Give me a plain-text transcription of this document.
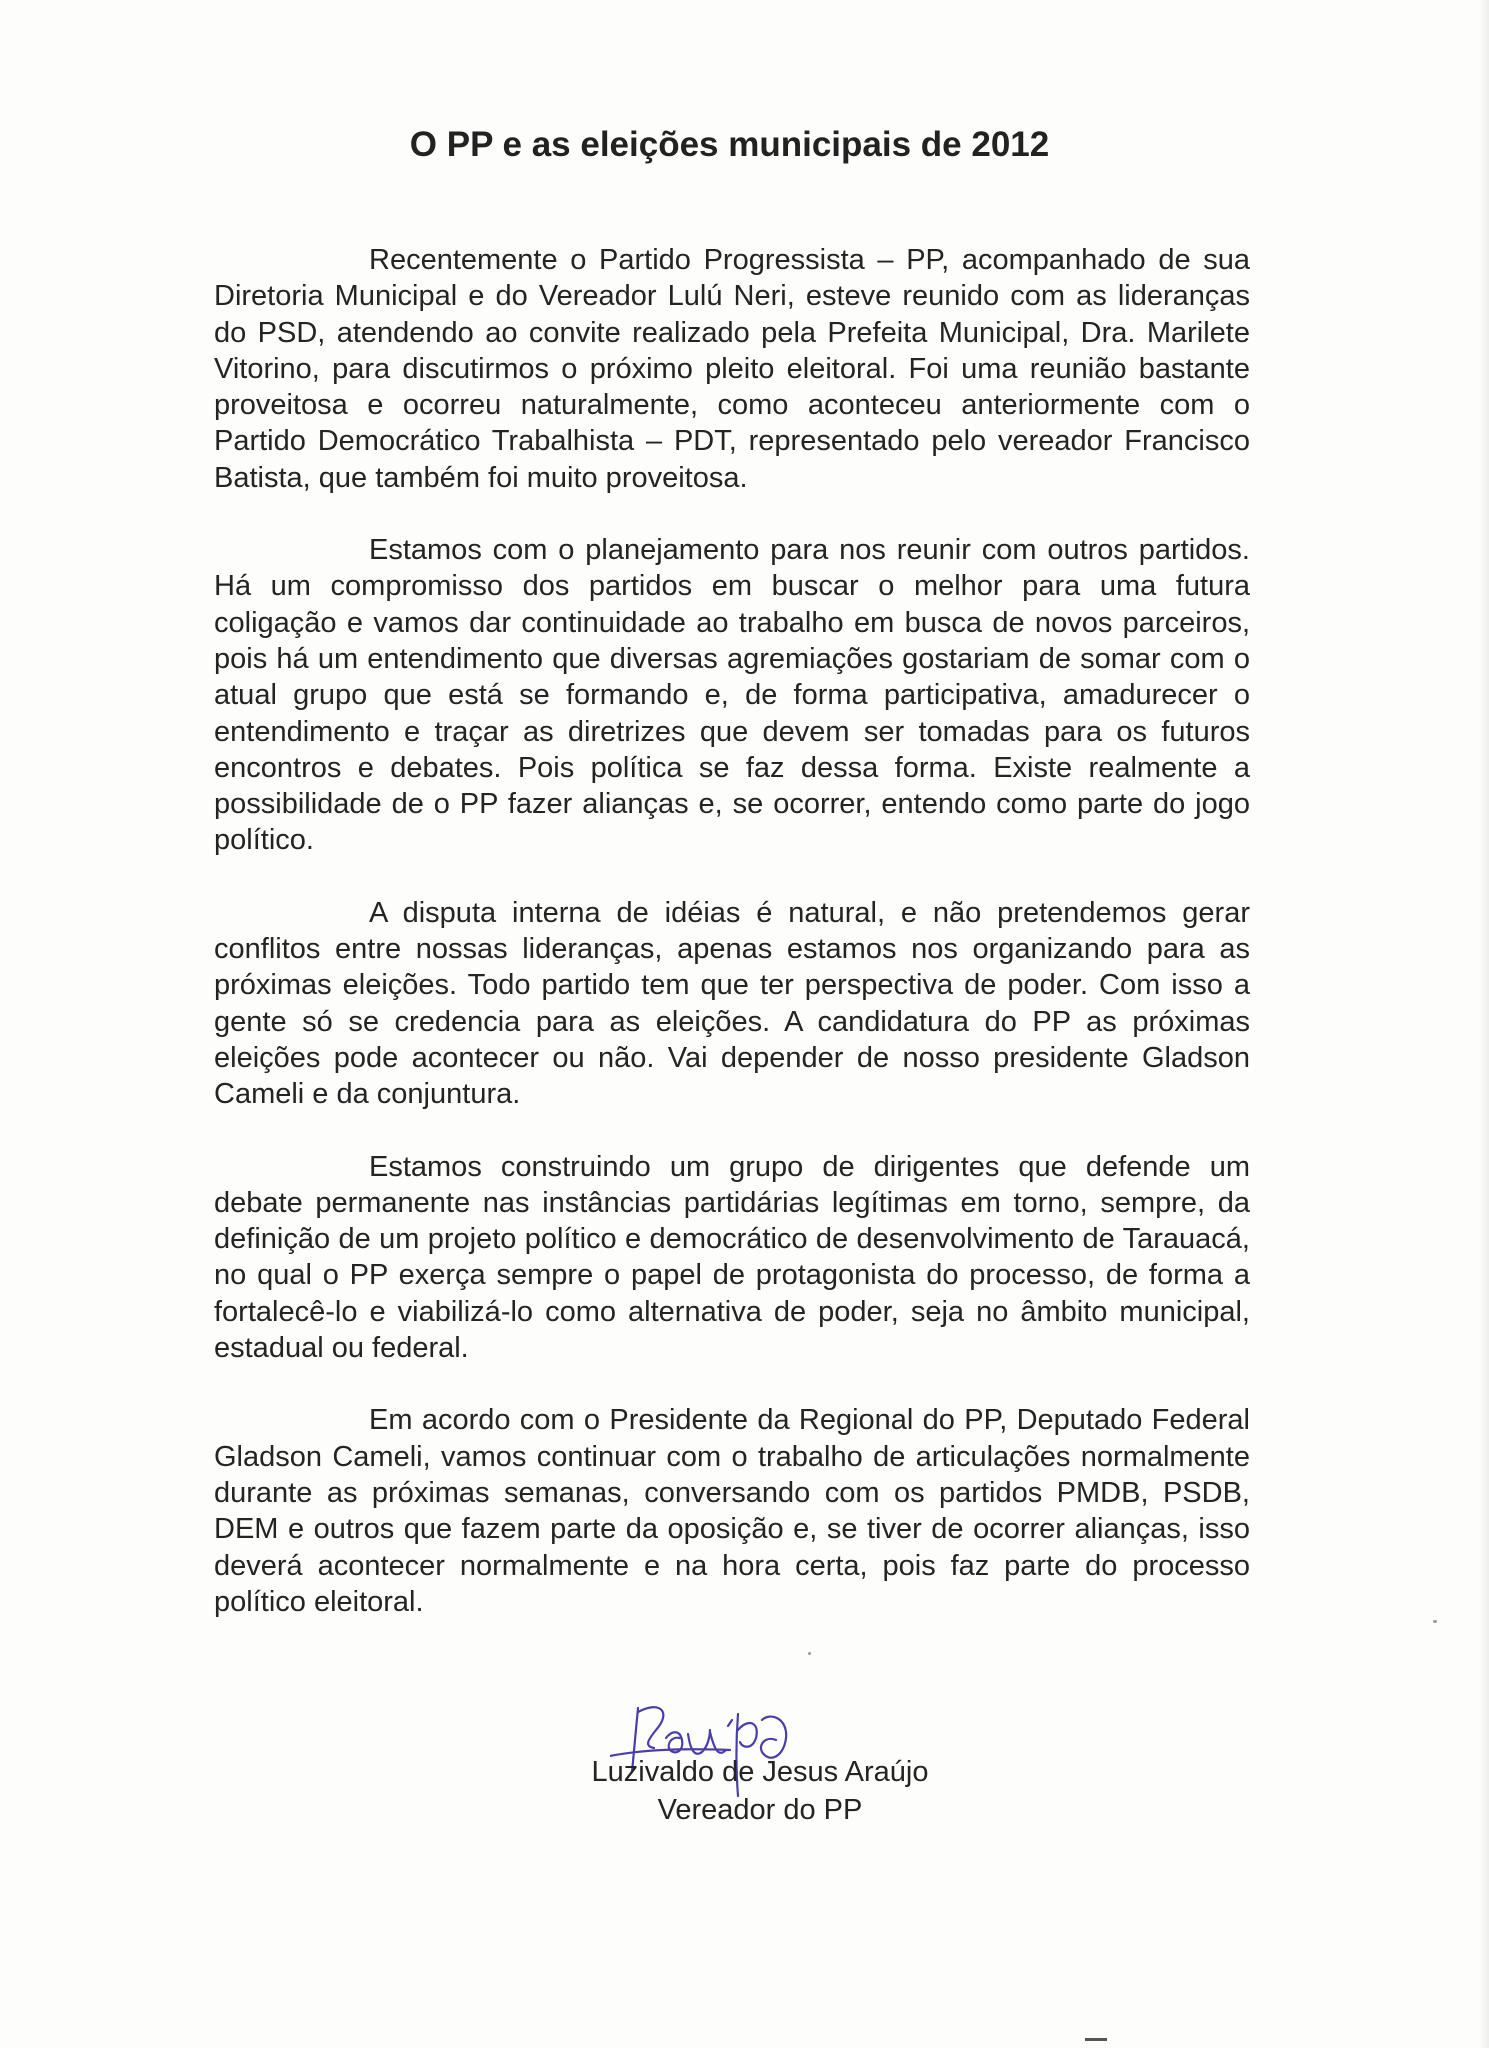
O PP e as eleições municipais de 2012

Recentemente o Partido Progressista – PP, acompanhado de sua Diretoria Municipal e do Vereador Lulú Neri, esteve reunido com as lideranças do PSD, atendendo ao convite realizado pela Prefeita Municipal, Dra. Marilete Vitorino, para discutirmos o próximo pleito eleitoral. Foi uma reunião bastante proveitosa e ocorreu naturalmente, como aconteceu anteriormente com o Partido Democrático Trabalhista – PDT, representado pelo vereador Francisco Batista, que também foi muito proveitosa.

Estamos com o planejamento para nos reunir com outros partidos. Há um compromisso dos partidos em buscar o melhor para uma futura coligação e vamos dar continuidade ao trabalho em busca de novos parceiros, pois há um entendimento que diversas agremiações gostariam de somar com o atual grupo que está se formando e, de forma participativa, amadurecer o entendimento e traçar as diretrizes que devem ser tomadas para os futuros encontros e debates. Pois política se faz dessa forma. Existe realmente a possibilidade de o PP fazer alianças e, se ocorrer, entendo como parte do jogo político.

A disputa interna de idéias é natural, e não pretendemos gerar conflitos entre nossas lideranças, apenas estamos nos organizando para as próximas eleições. Todo partido tem que ter perspectiva de poder. Com isso a gente só se credencia para as eleições. A candidatura do PP as próximas eleições pode acontecer ou não. Vai depender de nosso presidente Gladson Cameli e da conjuntura.

Estamos construindo um grupo de dirigentes que defende um debate permanente nas instâncias partidárias legítimas em torno, sempre, da definição de um projeto político e democrático de desenvolvimento de Tarauacá, no qual o PP exerça sempre o papel de protagonista do processo, de forma a fortalecê-lo e viabilizá-lo como alternativa de poder, seja no âmbito municipal, estadual ou federal.

Em acordo com o Presidente da Regional do PP, Deputado Federal Gladson Cameli, vamos continuar com o trabalho de articulações normalmente durante as próximas semanas, conversando com os partidos PMDB, PSDB, DEM e outros que fazem parte da oposição e, se tiver de ocorrer alianças, isso deverá acontecer normalmente e na hora certa, pois faz parte do processo político eleitoral.

Luzivaldo de Jesus Araújo
Vereador do PP
